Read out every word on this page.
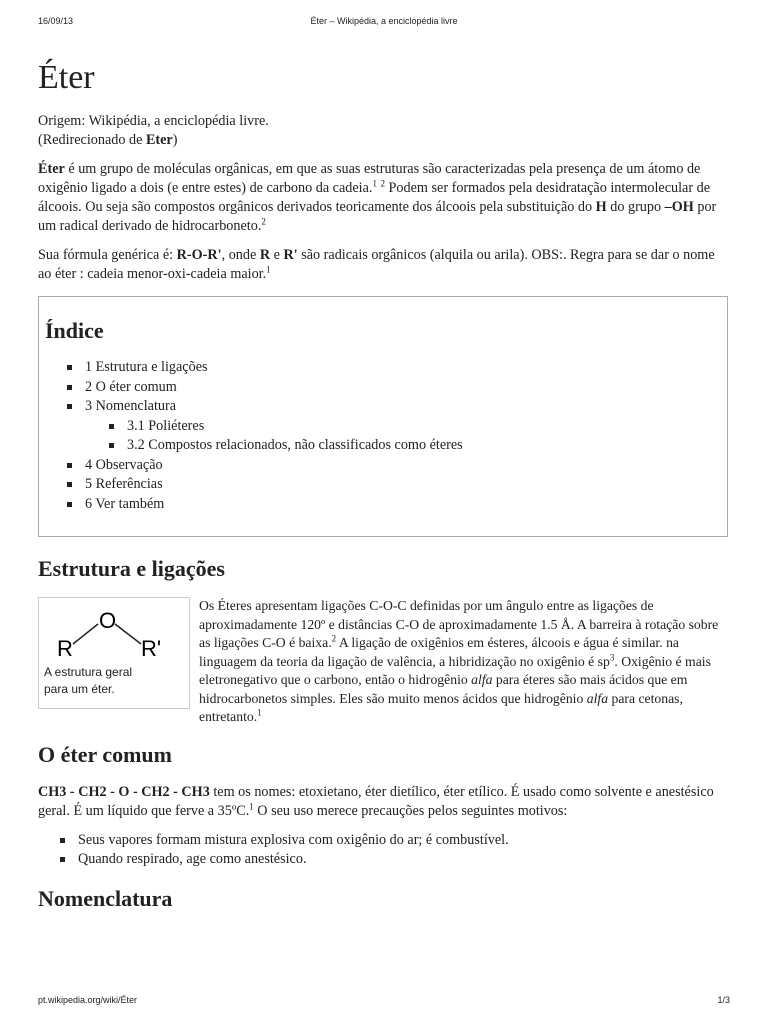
16/09/13	Éter – Wikipédia, a enciclopédia livre
Éter

Origem: Wikipédia, a enciclopédia livre.

(Redirecionado de Eter)

Éter é um grupo de moléculas orgânicas, em que as suas estruturas são caracterizadas pela presença de um átomo de oxigênio ligado a dois (e entre estes) de carbono da cadeia.$^1$ $^2$ Podem ser formados pela desidratação intermolecular de álcoois. Ou seja são compostos orgânicos derivados teoricamente dos álcoois pela substituição do H do grupo –OH por um radical derivado de hidrocarboneto.$^2$

Sua fórmula genérica é: R-O-R', onde R e R' são radicais orgânicos (alquila ou arila). OBS:. Regra para se dar o nome ao éter : cadeia menor-oxi-cadeia maior.$^1$

Índice
1 Estrutura e ligações
2 O éter comum
3 Nomenclatura
3.1 Poliéteres
3.2 Compostos relacionados, não classificados como éteres
4 Observação
5 Referências
6 Ver também
Estrutura e ligações
R
O
R'
A estrutura geral
para um éter.
Os Éteres apresentam ligações C-O-C definidas por um ângulo entre as ligações de aproximadamente 120º e distâncias C-O de aproximadamente 1.5 Å. A barreira à rotação sobre as ligações C-O é baixa.$^2$ A ligação de oxigênios em ésteres, álcoois e água é similar. na linguagem da teoria da ligação de valência, a hibridização no oxigênio é $sp^3$. Oxigênio é mais eletronegativo que o carbono, então o hidrogênio alfa para éteres são mais ácidos que em hidrocarbonetos simples. Eles são muito menos ácidos que hidrogênio alfa para cetonas, entretanto.$^1$
O éter comum

CH3 - CH2 - O - CH2 - CH3 tem os nomes: etoxietano, éter dietílico, éter etílico. É usado como solvente e anestésico geral. É um líquido que ferve a 35ºC.$^1$ O seu uso merece precauções pelos seguintes motivos:

Seus vapores formam mistura explosiva com oxigênio do ar; é combustível.
Quando respirado, age como anestésico.
Nomenclatura
pt.wikipedia.org/wiki/Éter	1/3
